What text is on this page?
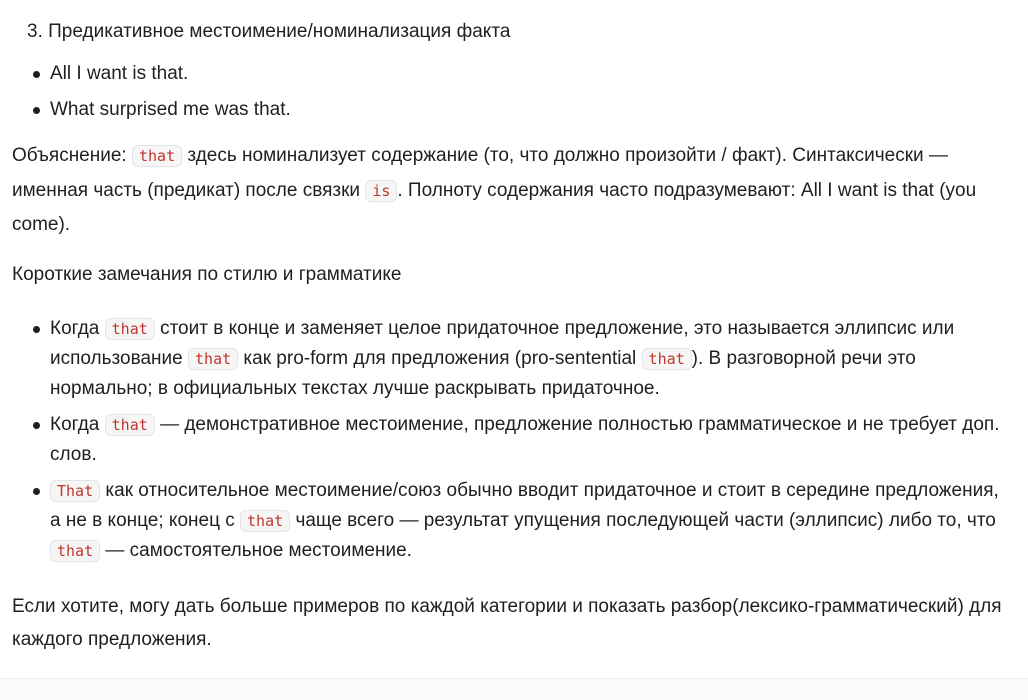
3. Предикативное местоимение/номинализация факта
All I want is that.
What surprised me was that.

Объяснение: that здесь номинализует содержание (то, что должно произойти / факт). Синтаксически — именная часть (предикат) после связки is . Полноту содержания часто подразумевают: All I want is that (you come).

Короткие замечания по стилю и грамматике

Когда that стоит в конце и заменяет целое придаточное предложение, это называется эллипсис или использование that как pro-form для предложения (pro-sentential that ). В разговорной речи это нормально; в официальных текстах лучше раскрывать придаточное.
Когда that — демонстративное местоимение, предложение полностью грамматическое и не требует доп. слов.
That как относительное местоимение/союз обычно вводит придаточное и стоит в середине предложения, а не в конце; конец с that чаще всего — результат упущения последующей части (эллипсис) либо то, что that — самостоятельное местоимение.

Если хотите, могу дать больше примеров по каждой категории и показать разбор(лексико-грамматический) для каждого предложения.
